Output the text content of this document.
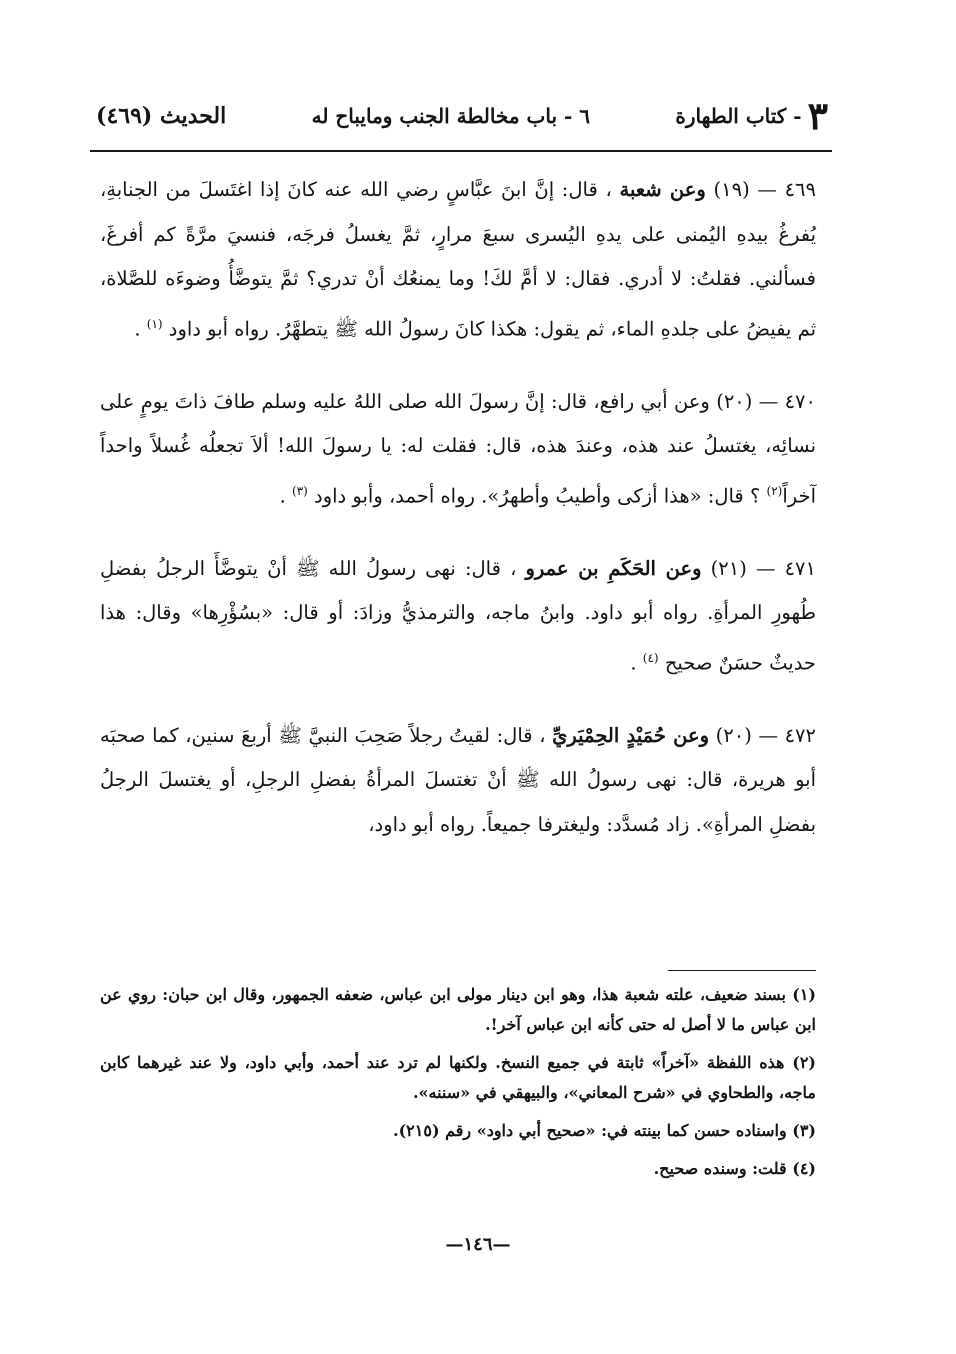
٣
- كتاب الطهارة
٦ - باب مخالطة الجنب ومايباح له
الحديث (٤٦٩)

٤٦٩ — (١٩) وعن شعبة ، قال: إنَّ ابنَ عبَّاسٍ رضي الله عنه كانَ إذا اغتَسلَ من الجنابةِ، يُفرغُ بيدهِ اليُمنى على يدهِ اليُسرى سبعَ مرارٍ، ثمَّ يغسلُ فرجَه، فنسيَ مرَّةً كم أفرغَ، فسألني. فقلتُ: لا أدري. فقال: لا أمَّ لكَ! وما يمنعُك أنْ تدري؟ ثمَّ يتوضَّأُ وضوءَه للصَّلاة، ثم يفيضُ على جلدهِ الماء، ثم يقول: هكذا كانَ رسولُ الله ﷺ يتطهَّرُ. رواه أبو داود $^{(١)}$ .

٤٧٠ — (٢٠) وعن أبي رافع، قال: إنَّ رسولَ الله صلى اللهُ عليه وسلم طافَ ذاتَ يومٍ على نسائِه، يغتسلُ عند هذه، وعندَ هذه، قال: فقلت له: يا رسولَ الله! ألاَ تجعلُه غُسلاً واحداً آخراً$^{(٢)}$ ؟ قال: «هذا أزكى وأطيبُ وأطهرُ». رواه أحمد، وأبو داود $^{(٣)}$ .

٤٧١ — (٢١) وعن الحَكَمِ بن عمرو ، قال: نهى رسولُ الله ﷺ أنْ يتوضَّأَ الرجلُ بفضلِ طُهورِ المرأةِ. رواه أبو داود. وابنُ ماجه، والترمذيُّ وزادَ: أو قال: «بسُؤْرِها» وقال: هذا حديثٌ حسَنٌ صحيح $^{(٤)}$ .

٤٧٢ — (٢٠) وعن حُمَيْدٍ الحِمْيَريِّ ، قال: لقيتُ رجلاً صَحِبَ النبيَّ ﷺ أربعَ سنين، كما صحبَه أبو هريرة، قال: نهى رسولُ الله ﷺ أنْ تغتسلَ المرأةُ بفضلِ الرجلِ، أو يغتسلَ الرجلُ بفضلِ المرأةِ». زاد مُسدَّد: وليغترفا جميعاً. رواه أبو داود،

(١) بسند ضعيف، علته شعبة هذا، وهو ابن دينار مولى ابن عباس، ضعفه الجمهور، وقال ابن حبان: روي عن ابن عباس ما لا أصل له حتى كأنه ابن عباس آخر!.

(٢) هذه اللفظة «آخراً» ثابتة في جميع النسخ. ولكنها لم ترد عند أحمد، وأبي داود، ولا عند غيرهما كابن ماجه، والطحاوي في «شرح المعاني»، والبيهقي في «سننه».

(٣) واسناده حسن كما بينته في: «صحيح أبي داود» رقم (٢١٥).

(٤) قلت: وسنده صحيح.

—١٤٦—
